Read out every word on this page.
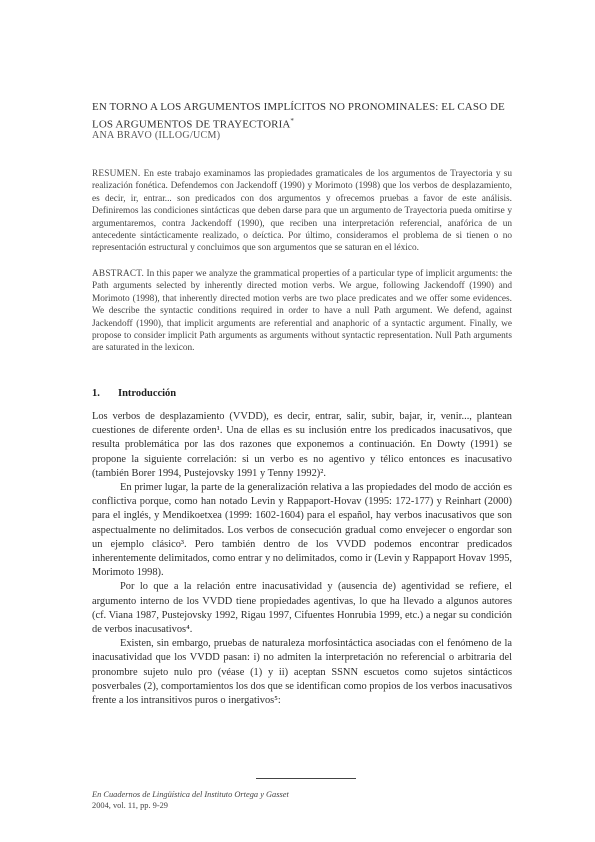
EN TORNO A LOS ARGUMENTOS IMPLÍCITOS NO PRONOMINALES: EL CASO DE LOS ARGUMENTOS DE TRAYECTORIA*
ANA BRAVO (ILLOG/UCM)
RESUMEN. En este trabajo examinamos las propiedades gramaticales de los argumentos de Trayectoria y su realización fonética. Defendemos con Jackendoff (1990) y Morimoto (1998) que los verbos de desplazamiento, es decir, ir, entrar... son predicados con dos argumentos y ofrecemos pruebas a favor de este análisis. Definiremos las condiciones sintácticas que deben darse para que un argumento de Trayectoria pueda omitirse y argumentaremos, contra Jackendoff (1990), que reciben una interpretación referencial, anafórica de un antecedente sintácticamente realizado, o deíctica. Por último, consideramos el problema de si tienen o no representación estructural y concluimos que son argumentos que se saturan en el léxico.
ABSTRACT. In this paper we analyze the grammatical properties of a particular type of implicit arguments: the Path arguments selected by inherently directed motion verbs. We argue, following Jackendoff (1990) and Morimoto (1998), that inherently directed motion verbs are two place predicates and we offer some evidences. We describe the syntactic conditions required in order to have a null Path argument. We defend, against Jackendoff (1990), that implicit arguments are referential and anaphoric of a syntactic argument. Finally, we propose to consider implicit Path arguments as arguments without syntactic representation. Null Path arguments are saturated in the lexicon.
1. Introducción

Los verbos de desplazamiento (VVDD), es decir, entrar, salir, subir, bajar, ir, venir..., plantean cuestiones de diferente orden¹. Una de ellas es su inclusión entre los predicados inacusativos, que resulta problemática por las dos razones que exponemos a continuación. En Dowty (1991) se propone la siguiente correlación: si un verbo es no agentivo y télico entonces es inacusativo (también Borer 1994, Pustejovsky 1991 y Tenny 1992)².

En primer lugar, la parte de la generalización relativa a las propiedades del modo de acción es conflictiva porque, como han notado Levin y Rappaport-Hovav (1995: 172-177) y Reinhart (2000) para el inglés, y Mendikoetxea (1999: 1602-1604) para el español, hay verbos inacusativos que son aspectualmente no delimitados. Los verbos de consecución gradual como envejecer o engordar son un ejemplo clásico³. Pero también dentro de los VVDD podemos encontrar predicados inherentemente delimitados, como entrar y no delimitados, como ir (Levin y Rappaport Hovav 1995, Morimoto 1998).

Por lo que a la relación entre inacusatividad y (ausencia de) agentividad se refiere, el argumento interno de los VVDD tiene propiedades agentivas, lo que ha llevado a algunos autores (cf. Viana 1987, Pustejovsky 1992, Rigau 1997, Cifuentes Honrubia 1999, etc.) a negar su condición de verbos inacusativos⁴.

Existen, sin embargo, pruebas de naturaleza morfosintáctica asociadas con el fenómeno de la inacusatividad que los VVDD pasan: i) no admiten la interpretación no referencial o arbitraria del pronombre sujeto nulo pro (véase (1) y ii) aceptan SSNN escuetos como sujetos sintácticos posverbales (2), comportamientos los dos que se identifican como propios de los verbos inacusativos frente a los intransitivos puros o inergativos⁵:

En Cuadernos de Lingüística del Instituto Ortega y Gasset
2004, vol. 11, pp. 9-29
